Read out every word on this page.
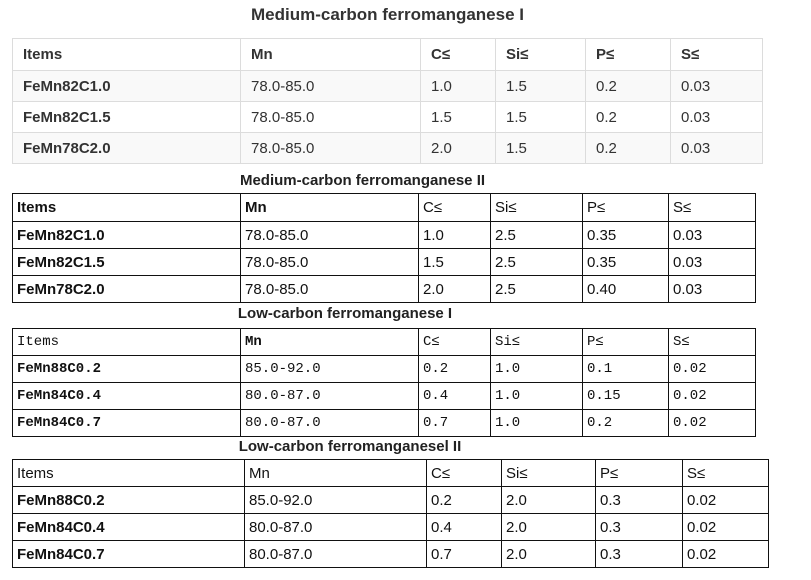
Medium-carbon ferromanganese I
Items	Mn	C≤	Si≤	P≤	S≤
FeMn82C1.0	78.0-85.0	1.0	1.5	0.2	0.03
FeMn82C1.5	78.0-85.0	1.5	1.5	0.2	0.03
FeMn78C2.0	78.0-85.0	2.0	1.5	0.2	0.03
Medium-carbon ferromanganese II
Items	Mn	C≤	Si≤	P≤	S≤
FeMn82C1.0	78.0-85.0	1.0	2.5	0.35	0.03
FeMn82C1.5	78.0-85.0	1.5	2.5	0.35	0.03
FeMn78C2.0	78.0-85.0	2.0	2.5	0.40	0.03
Low-carbon ferromanganese I
Items	Mn	C≤	Si≤	P≤	S≤
FeMn88C0.2	85.0-92.0	0.2	1.0	0.1	0.02
FeMn84C0.4	80.0-87.0	0.4	1.0	0.15	0.02
FeMn84C0.7	80.0-87.0	0.7	1.0	0.2	0.02
Low-carbon ferromanganesel II
Items	Mn	C≤	Si≤	P≤	S≤
FeMn88C0.2	85.0-92.0	0.2	2.0	0.3	0.02
FeMn84C0.4	80.0-87.0	0.4	2.0	0.3	0.02
FeMn84C0.7	80.0-87.0	0.7	2.0	0.3	0.02
